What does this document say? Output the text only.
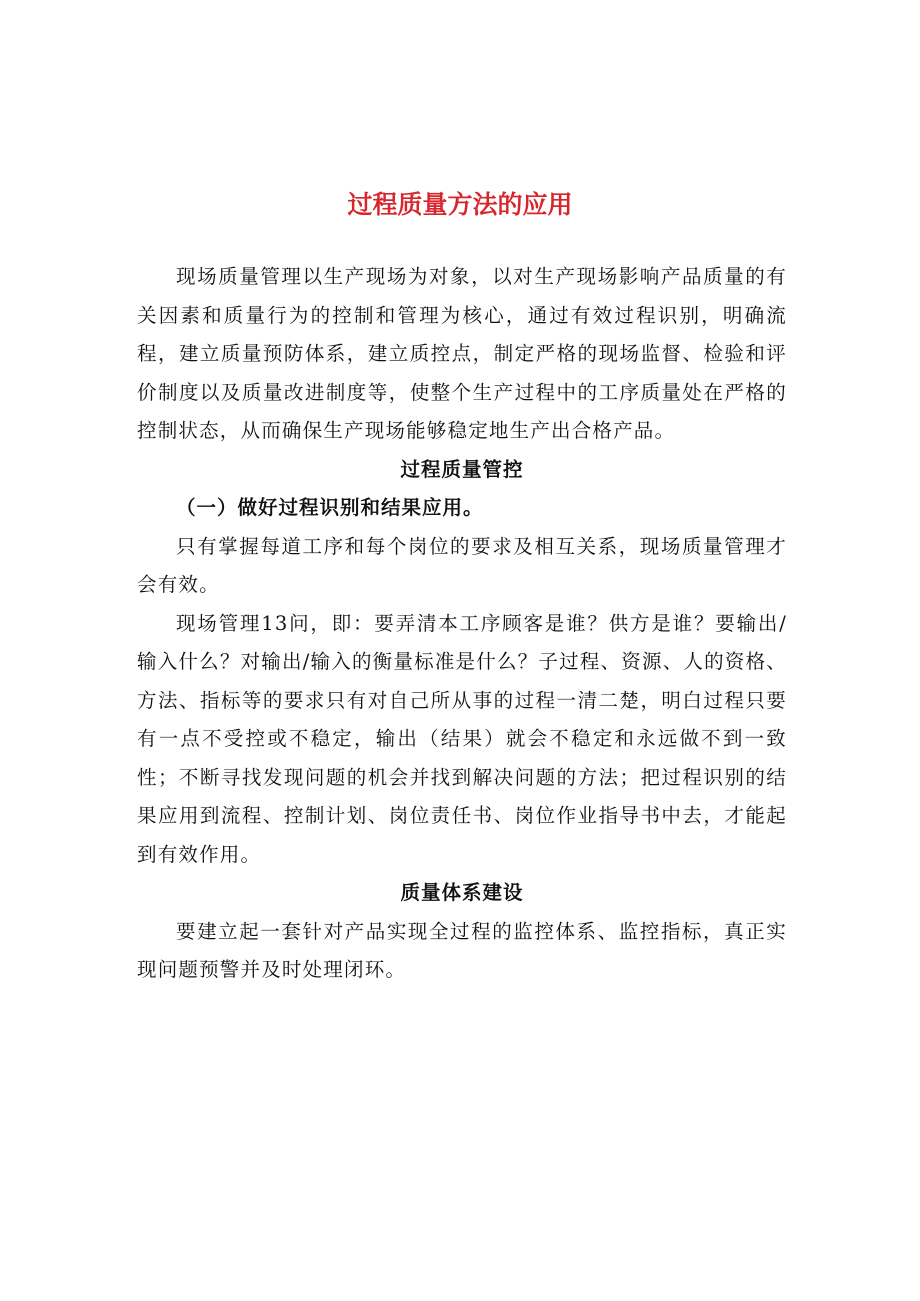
过程质量方法的应用

现场质量管理以生产现场为对象，以对生产现场影响产品质量的有关因素和质量行为的控制和管理为核心，通过有效过程识别，明确流程，建立质量预防体系，建立质控点，制定严格的现场监督、检验和评价制度以及质量改进制度等，使整个生产过程中的工序质量处在严格的控制状态，从而确保生产现场能够稳定地生产出合格产品。

过程质量管控

（一）做好过程识别和结果应用。

只有掌握每道工序和每个岗位的要求及相互关系，现场质量管理才会有效。

现场管理13问，即：要弄清本工序顾客是谁？供方是谁？要输出/输入什么？对输出/输入的衡量标准是什么？子过程、资源、人的资格、方法、指标等的要求只有对自己所从事的过程一清二楚，明白过程只要有一点不受控或不稳定，输出（结果）就会不稳定和永远做不到一致性；不断寻找发现问题的机会并找到解决问题的方法；把过程识别的结果应用到流程、控制计划、岗位责任书、岗位作业指导书中去，才能起到有效作用。

质量体系建设

要建立起一套针对产品实现全过程的监控体系、监控指标，真正实现问题预警并及时处理闭环。
